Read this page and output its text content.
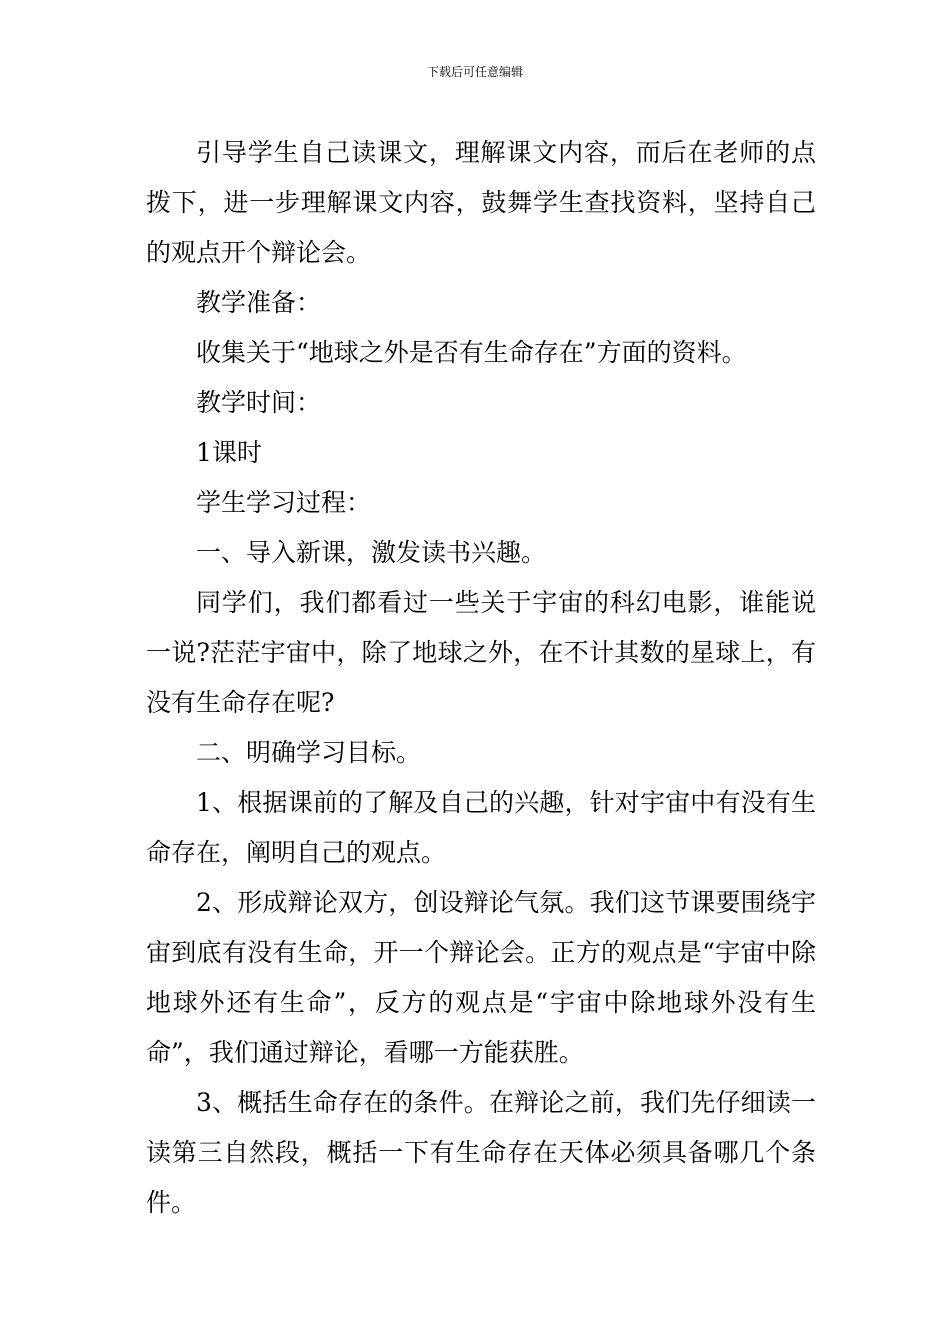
下载后可任意编辑

引导学生自己读课文，理解课文内容，而后在老师的点拨下，进一步理解课文内容，鼓舞学生查找资料，坚持自己的观点开个辩论会。

教学准备：

收集关于“地球之外是否有生命存在”方面的资料。

教学时间：

1课时

学生学习过程：

一、导入新课，激发读书兴趣。

同学们，我们都看过一些关于宇宙的科幻电影，谁能说一说?茫茫宇宙中，除了地球之外，在不计其数的星球上，有没有生命存在呢?

二、明确学习目标。

1、根据课前的了解及自己的兴趣，针对宇宙中有没有生命存在，阐明自己的观点。

2、形成辩论双方，创设辩论气氛。我们这节课要围绕宇宙到底有没有生命，开一个辩论会。正方的观点是“宇宙中除地球外还有生命”，反方的观点是“宇宙中除地球外没有生命”，我们通过辩论，看哪一方能获胜。

3、概括生命存在的条件。在辩论之前，我们先仔细读一读第三自然段，概括一下有生命存在天体必须具备哪几个条件。
